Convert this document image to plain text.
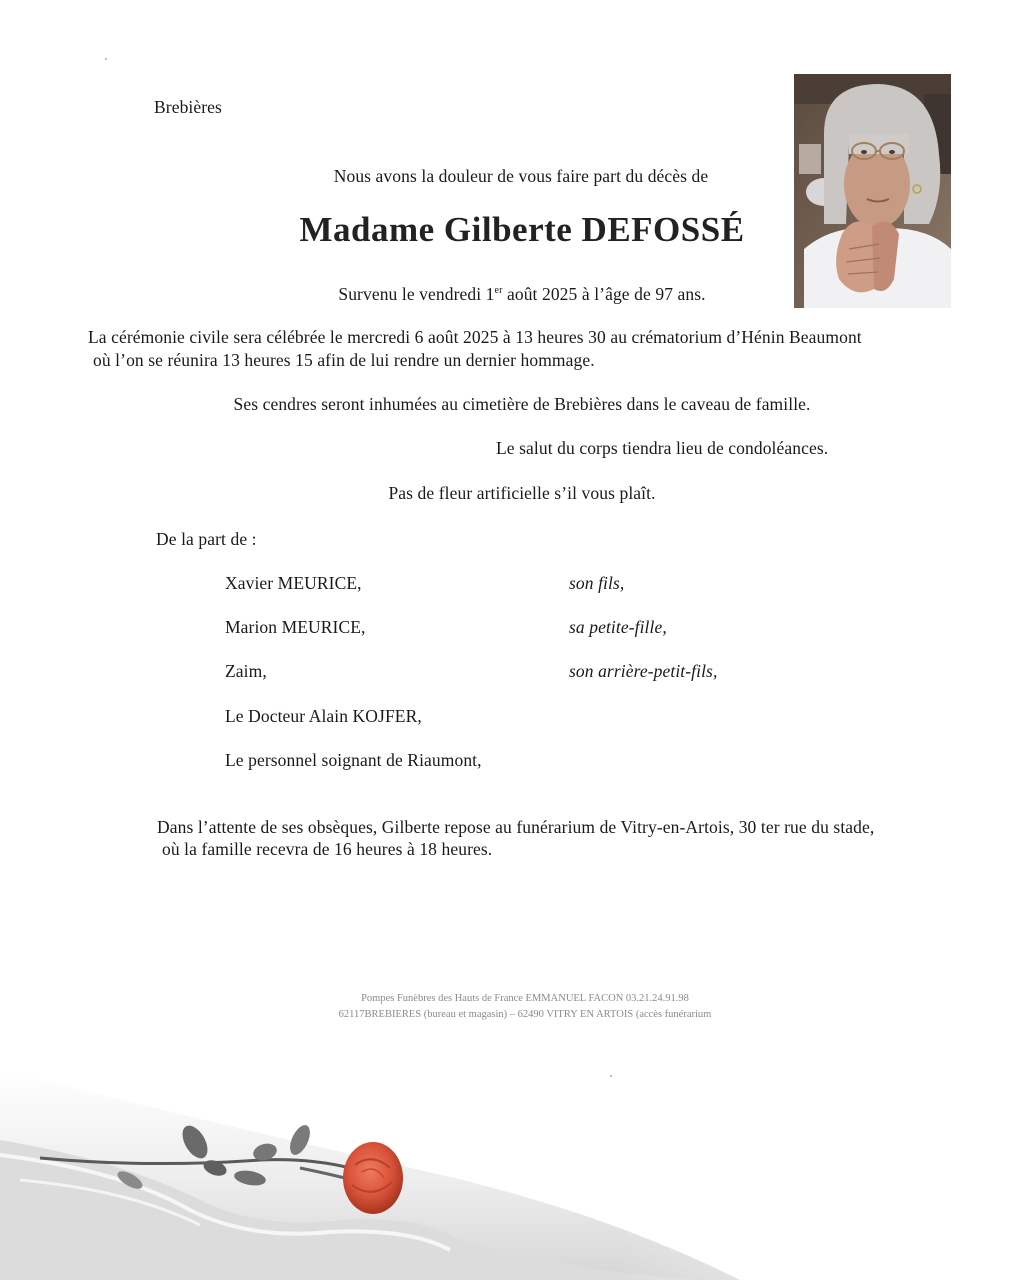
Brebières
Nous avons la douleur de vous faire part du décès de
Madame Gilberte DEFOSSÉ
Survenu le vendredi 1er août 2025 à l’âge de 97 ans.
La cérémonie civile sera célébrée le mercredi 6 août 2025 à 13 heures 30 au crématorium d’Hénin Beaumont
où l’on se réunira 13 heures 15 afin de lui rendre un dernier hommage.
Ses cendres seront inhumées au cimetière de Brebières dans le caveau de famille.
Le salut du corps tiendra lieu de condoléances.
Pas de fleur artificielle s’il vous plaît.
De la part de :
Xavier MEURICE,	son fils,
Marion MEURICE,	sa petite-fille,
Zaim,	son arrière-petit-fils,
Le Docteur Alain KOJFER,
Le personnel soignant de Riaumont,
Dans l’attente de ses obsèques, Gilberte repose au funérarium de Vitry-en-Artois, 30 ter rue du stade,
où la famille recevra de 16 heures à 18 heures.
Pompes Funèbres des Hauts de France EMMANUEL FACON 03.21.24.91.98
62117BREBIERES (bureau et magasin) – 62490 VITRY EN ARTOIS (accès funérarium
